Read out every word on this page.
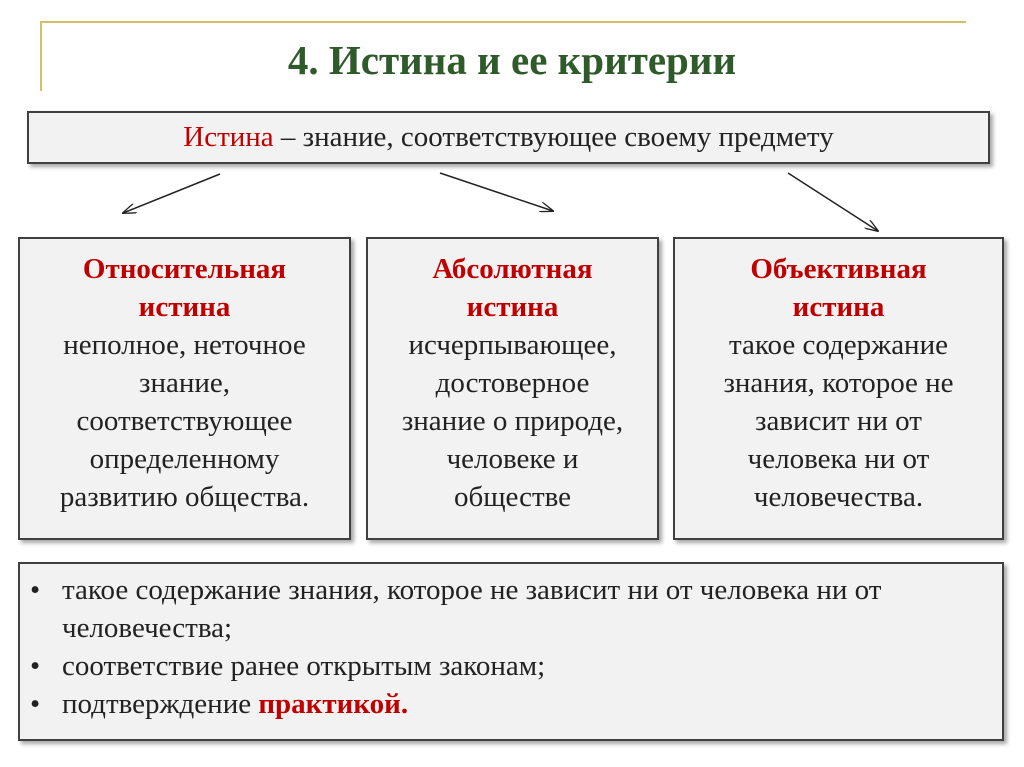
4. Истина и ее критерии
Истина – знание, соответствующее своему предмету
Относительная
истина
неполное, неточное
знание,
соответствующее
определенному
развитию общества.
Абсолютная
истина
исчерпывающее,
достоверное
знание о природе,
человеке и
обществе
Объективная
истина
такое содержание
знания, которое не
зависит ни от
человека ни от
человечества.
• такое содержание знания, которое не зависит ни от человека ни от человечества;
• соответствие ранее открытым законам;
• подтверждение практикой.
